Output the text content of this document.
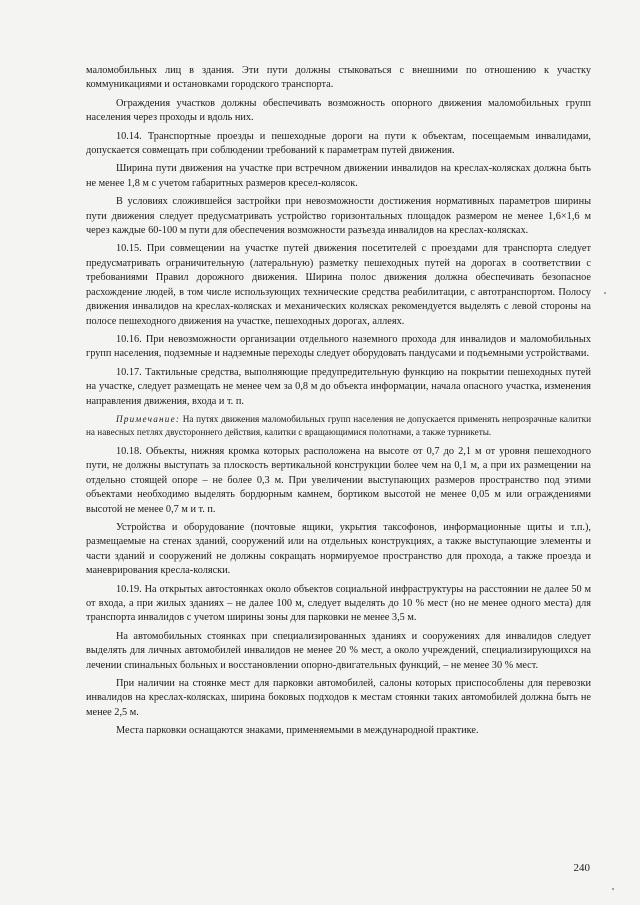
маломобильных лиц в здания. Эти пути должны стыковаться с внешними по отношению к участку коммуникациями и остановками городского транспорта.

Ограждения участков должны обеспечивать возможность опорного движения маломобильных групп населения через проходы и вдоль них.

10.14. Транспортные проезды и пешеходные дороги на пути к объектам, посещаемым инвалидами, допускается совмещать при соблюдении требований к параметрам путей движения.

Ширина пути движения на участке при встречном движении инвалидов на креслах-колясках должна быть не менее 1,8 м с учетом габаритных размеров кресел-колясок.

В условиях сложившейся застройки при невозможности достижения нормативных параметров ширины пути движения следует предусматривать устройство горизонтальных площадок размером не менее 1,6×1,6 м через каждые 60-100 м пути для обеспечения возможности разъезда инвалидов на креслах-колясках.

10.15. При совмещении на участке путей движения посетителей с проездами для транспорта следует предусматривать ограничительную (латеральную) разметку пешеходных путей на дорогах в соответствии с требованиями Правил дорожного движения. Ширина полос движения должна обеспечивать безопасное расхождение людей, в том числе использующих технические средства реабилитации, с автотранспортом. Полосу движения инвалидов на креслах-колясках и механических колясках рекомендуется выделять с левой стороны на полосе пешеходного движения на участке, пешеходных дорогах, аллеях.

10.16. При невозможности организации отдельного наземного прохода для инвалидов и маломобильных групп населения, подземные и надземные переходы следует оборудовать пандусами и подъемными устройствами.

10.17. Тактильные средства, выполняющие предупредительную функцию на покрытии пешеходных путей на участке, следует размещать не менее чем за 0,8 м до объекта информации, начала опасного участка, изменения направления движения, входа и т. п.

Примечание: На путях движения маломобильных групп населения не допускается применять непрозрачные калитки на навесных петлях двустороннего действия, калитки с вращающимися полотнами, а также турникеты.

10.18. Объекты, нижняя кромка которых расположена на высоте от 0,7 до 2,1 м от уровня пешеходного пути, не должны выступать за плоскость вертикальной конструкции более чем на 0,1 м, а при их размещении на отдельно стоящей опоре – не более 0,3 м. При увеличении выступающих размеров пространство под этими объектами необходимо выделять бордюрным камнем, бортиком высотой не менее 0,05 м или ограждениями высотой не менее 0,7 м и т. п.

Устройства и оборудование (почтовые ящики, укрытия таксофонов, информационные щиты и т.п.), размещаемые на стенах зданий, сооружений или на отдельных конструкциях, а также выступающие элементы и части зданий и сооружений не должны сокращать нормируемое пространство для прохода, а также проезда и маневрирования кресла-коляски.

10.19. На открытых автостоянках около объектов социальной инфраструктуры на расстоянии не далее 50 м от входа, а при жилых зданиях – не далее 100 м, следует выделять до 10 % мест (но не менее одного места) для транспорта инвалидов с учетом ширины зоны для парковки не менее 3,5 м.

На автомобильных стоянках при специализированных зданиях и сооружениях для инвалидов следует выделять для личных автомобилей инвалидов не менее 20 % мест, а около учреждений, специализирующихся на лечении спинальных больных и восстановлении опорно-двигательных функций, – не менее 30 % мест.

При наличии на стоянке мест для парковки автомобилей, салоны которых приспособлены для перевозки инвалидов на креслах-колясках, ширина боковых подходов к местам стоянки таких автомобилей должна быть не менее 2,5 м.

Места парковки оснащаются знаками, применяемыми в международной практике.

240
